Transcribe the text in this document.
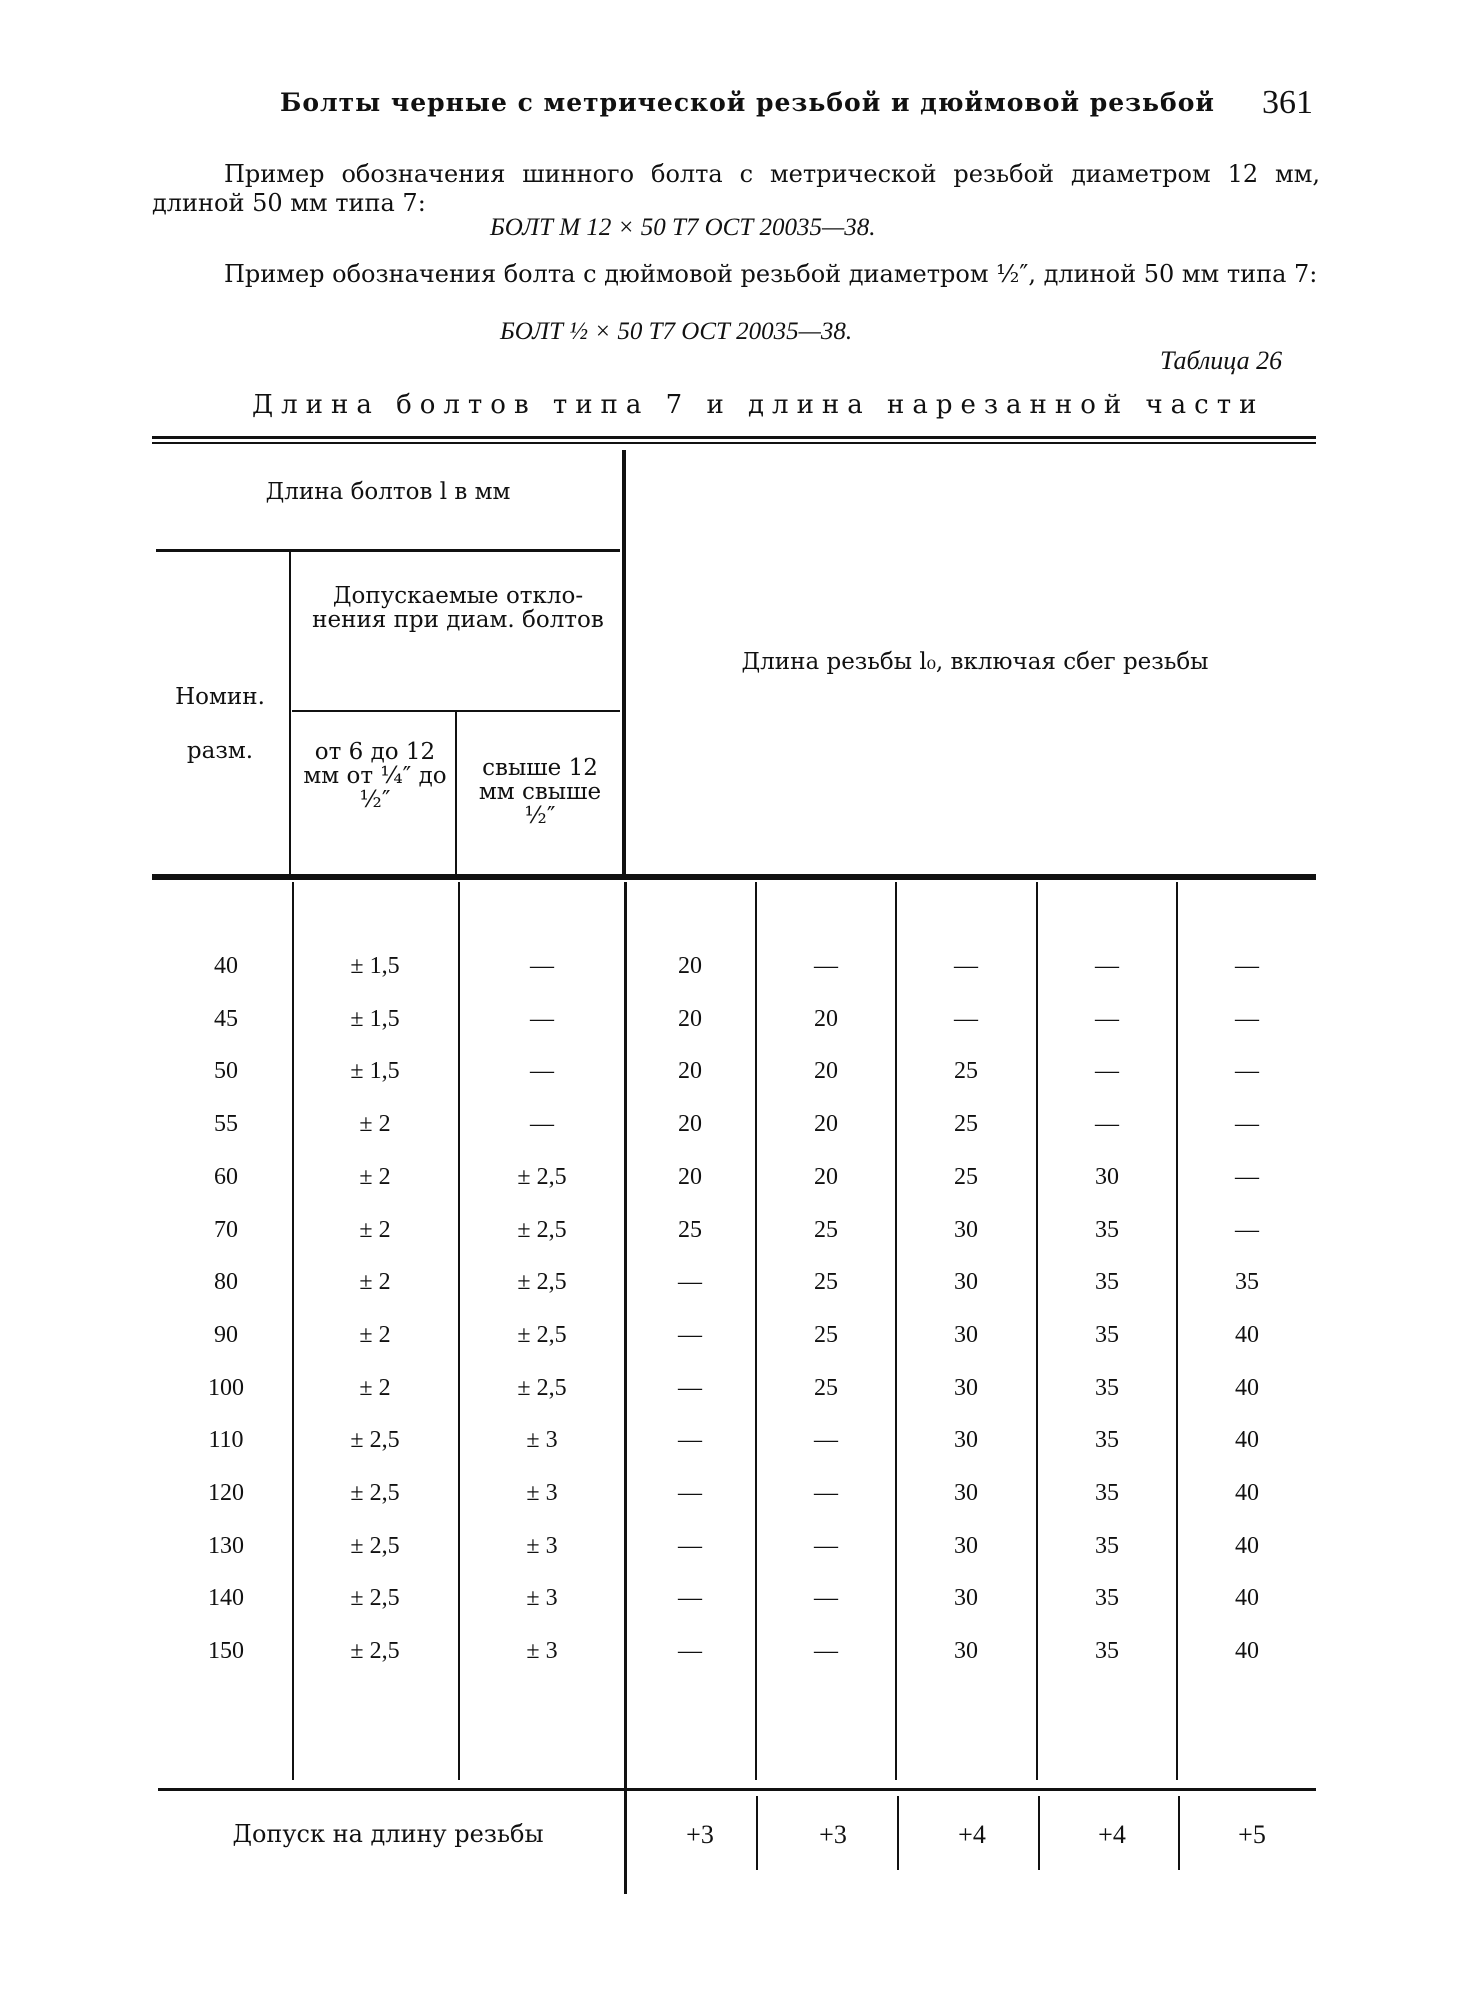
Болты черные с метрической резьбой и дюймовой резьбой 361
Пример обозначения шинного болта с метрической резьбой диаметром 12 мм, длиной 50 мм типа 7:
БОЛТ М 12 × 50 Т7 ОСТ 20035—38.
Пример обозначения болта с дюймовой резьбой диаметром ½″, длиной 50 мм типа 7:
БОЛТ ½ × 50 Т7 ОСТ 20035—38.
Таблица 26
Длина болтов типа 7 и длина нарезанной части
Длина болтов l в мм
Номин. разм.
Допускаемые откло- нения при диам. болтов
от 6 до 12 мм от ¼″ до ½″
свыше 12 мм свыше ½″
Длина резьбы l₀, включая сбег резьбы
40	± 1,5	—	20	—	—	—	—
45	± 1,5	—	20	20	—	—	—
50	± 1,5	—	20	20	25	—	—
55	± 2	—	20	20	25	—	—
60	± 2	± 2,5	20	20	25	30	—
70	± 2	± 2,5	25	25	30	35	—
80	± 2	± 2,5	—	25	30	35	35
90	± 2	± 2,5	—	25	30	35	40
100	± 2	± 2,5	—	25	30	35	40
110	± 2,5	± 3	—	—	30	35	40
120	± 2,5	± 3	—	—	30	35	40
130	± 2,5	± 3	—	—	30	35	40
140	± 2,5	± 3	—	—	30	35	40
150	± 2,5	± 3	—	—	30	35	40
Допуск на длину резьбы	+3	+3	+4	+4	+5
